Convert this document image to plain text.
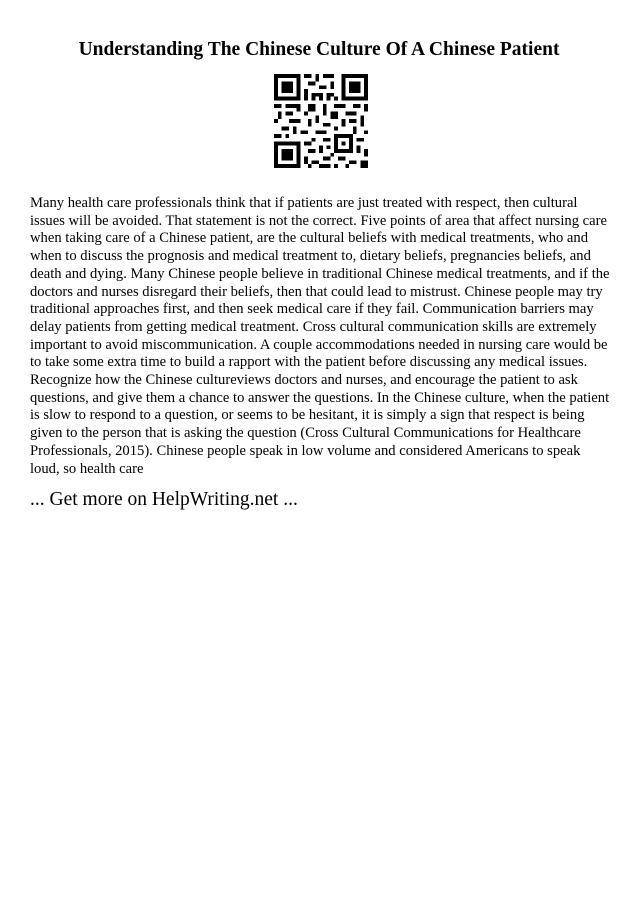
Understanding The Chinese Culture Of A Chinese Patient

Many health care professionals think that if patients are just treated with respect, then cultural issues will be avoided. That statement is not the correct. Five points of area that affect nursing care when taking care of a Chinese patient, are the cultural beliefs with medical treatments, who and when to discuss the prognosis and medical treatment to, dietary beliefs, pregnancies beliefs, and death and dying. Many Chinese people believe in traditional Chinese medical treatments, and if the doctors and nurses disregard their beliefs, then that could lead to mistrust. Chinese people may try traditional approaches first, and then seek medical care if they fail. Communication barriers may delay patients from getting medical treatment. Cross cultural communication skills are extremely important to avoid miscommunication. A couple accommodations needed in nursing care would be to take some extra time to build a rapport with the patient before discussing any medical issues. Recognize how the Chinese cultureviews doctors and nurses, and encourage the patient to ask questions, and give them a chance to answer the questions. In the Chinese culture, when the patient is slow to respond to a question, or seems to be hesitant, it is simply a sign that respect is being given to the person that is asking the question (Cross Cultural Communications for Healthcare Professionals, 2015). Chinese people speak in low volume and considered Americans to speak loud, so health care

... Get more on HelpWriting.net ...
